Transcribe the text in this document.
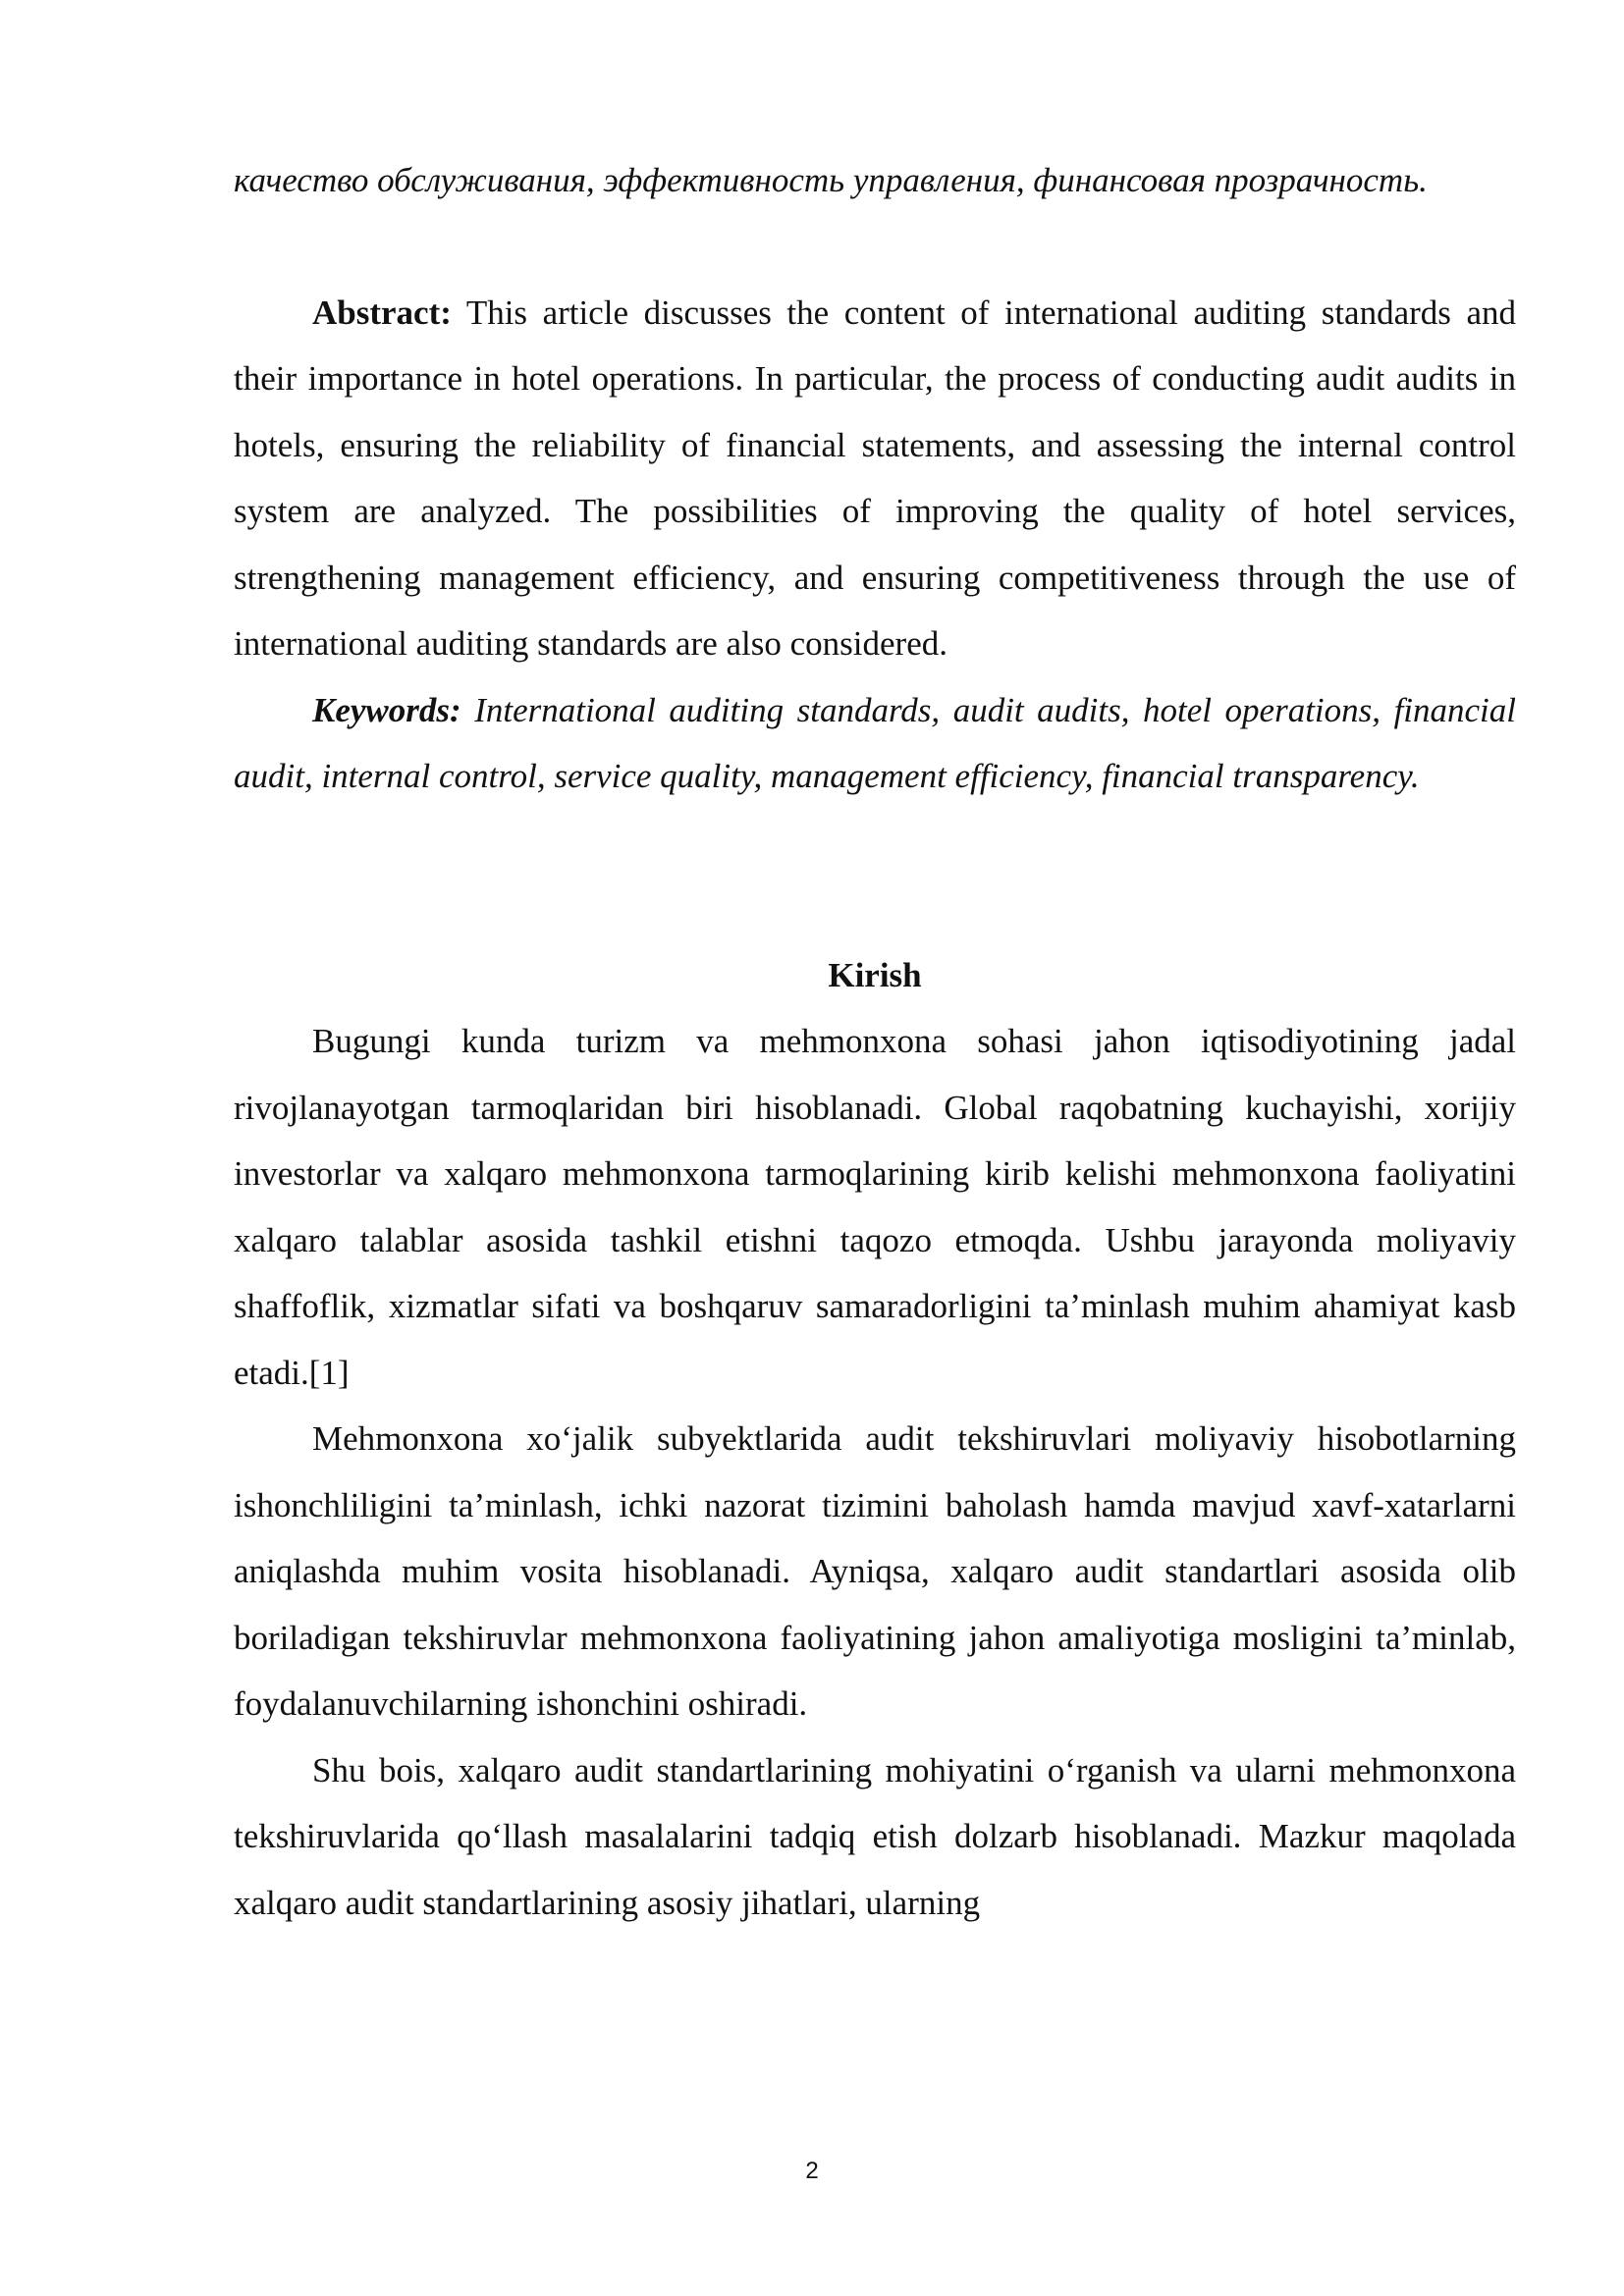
качество обслуживания, эффективность управления, финансовая прозрачность.

Abstract: This article discusses the content of international auditing standards and their importance in hotel operations. In particular, the process of conducting audit audits in hotels, ensuring the reliability of financial statements, and assessing the internal control system are analyzed. The possibilities of improving the quality of hotel services, strengthening management efficiency, and ensuring competitiveness through the use of international auditing standards are also considered.

Keywords: International auditing standards, audit audits, hotel operations, financial audit, internal control, service quality, management efficiency, financial transparency.

Kirish

Bugungi kunda turizm va mehmonxona sohasi jahon iqtisodiyotining jadal rivojlanayotgan tarmoqlaridan biri hisoblanadi. Global raqobatning kuchayishi, xorijiy investorlar va xalqaro mehmonxona tarmoqlarining kirib kelishi mehmonxona faoliyatini xalqaro talablar asosida tashkil etishni taqozo etmoqda. Ushbu jarayonda moliyaviy shaffoflik, xizmatlar sifati va boshqaruv samaradorligini ta’minlash muhim ahamiyat kasb etadi.[1]

Mehmonxona xo‘jalik subyektlarida audit tekshiruvlari moliyaviy hisobotlarning ishonchliligini ta’minlash, ichki nazorat tizimini baholash hamda mavjud xavf-xatarlarni aniqlashda muhim vosita hisoblanadi. Ayniqsa, xalqaro audit standartlari asosida olib boriladigan tekshiruvlar mehmonxona faoliyatining jahon amaliyotiga mosligini ta’minlab, foydalanuvchilarning ishonchini oshiradi.

Shu bois, xalqaro audit standartlarining mohiyatini o‘rganish va ularni mehmonxona tekshiruvlarida qo‘llash masalalarini tadqiq etish dolzarb hisoblanadi. Mazkur maqolada xalqaro audit standartlarining asosiy jihatlari, ularning

2
